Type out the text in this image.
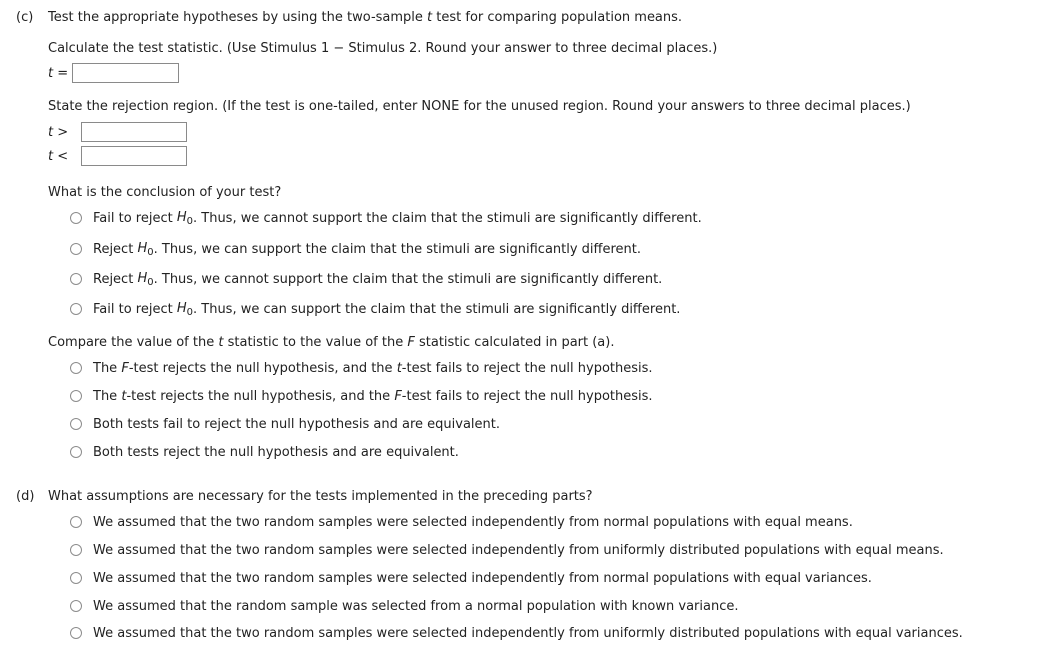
(c) Test the appropriate hypotheses by using the two-sample t test for comparing population means.
Calculate the test statistic. (Use Stimulus 1 − Stimulus 2. Round your answer to three decimal places.)
t =
State the rejection region. (If the test is one-tailed, enter NONE for the unused region. Round your answers to three decimal places.)
t >
t <
What is the conclusion of your test?
Fail to reject
$H_0$ . Thus, we cannot support the claim that the stimuli are significantly different.
Reject
$H_0$ . Thus, we can support the claim that the stimuli are significantly different.
Reject
$H_0$ . Thus, we cannot support the claim that the stimuli are significantly different.
Fail to reject
$H_0$ . Thus, we can support the claim that the stimuli are significantly different.
Compare the value of the t statistic to the value of the F statistic calculated in part (a).
The F-test rejects the null hypothesis, and the t-test fails to reject the null hypothesis.
The t-test rejects the null hypothesis, and the F-test fails to reject the null hypothesis.
Both tests fail to reject the null hypothesis and are equivalent.
Both tests reject the null hypothesis and are equivalent.
(d) What assumptions are necessary for the tests implemented in the preceding parts?
We assumed that the two random samples were selected independently from normal populations with equal means.
We assumed that the two random samples were selected independently from uniformly distributed populations with equal means.
We assumed that the two random samples were selected independently from normal populations with equal variances.
We assumed that the random sample was selected from a normal population with known variance.
We assumed that the two random samples were selected independently from uniformly distributed populations with equal variances.
